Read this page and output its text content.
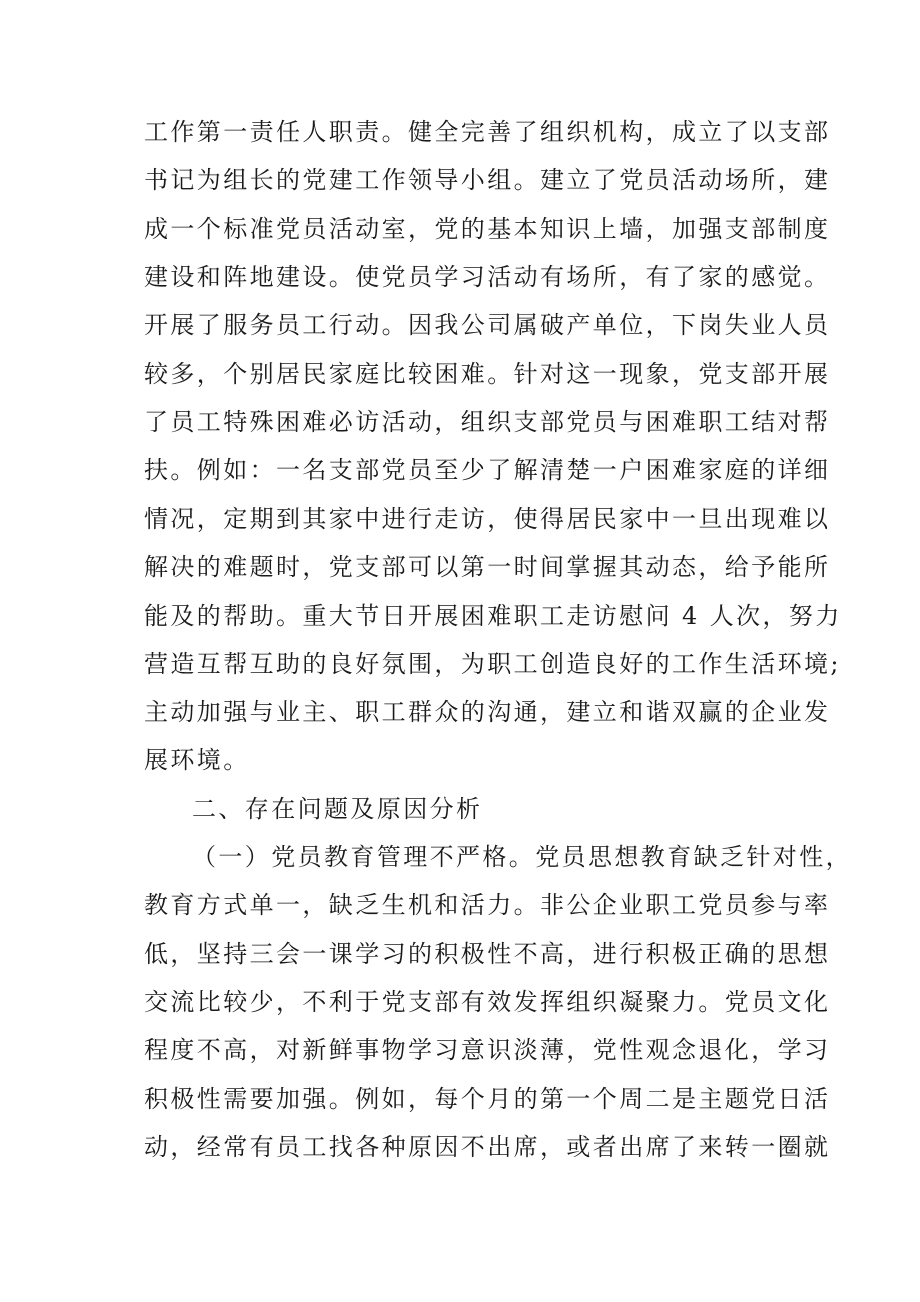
工作第一责任人职责。健全完善了组织机构，成立了以支部
书记为组长的党建工作领导小组。建立了党员活动场所，建
成一个标准党员活动室，党的基本知识上墙，加强支部制度
建设和阵地建设。使党员学习活动有场所，有了家的感觉。
开展了服务员工行动。因我公司属破产单位，下岗失业人员
较多，个别居民家庭比较困难。针对这一现象，党支部开展
了员工特殊困难必访活动，组织支部党员与困难职工结对帮
扶。例如：一名支部党员至少了解清楚一户困难家庭的详细
情况，定期到其家中进行走访，使得居民家中一旦出现难以
解决的难题时，党支部可以第一时间掌握其动态，给予能所
能及的帮助。重大节日开展困难职工走访慰问 4 人次，努力
营造互帮互助的良好氛围，为职工创造良好的工作生活环境;
主动加强与业主、职工群众的沟通，建立和谐双赢的企业发
展环境。
二、存在问题及原因分析
（一）党员教育管理不严格。党员思想教育缺乏针对性，
教育方式单一，缺乏生机和活力。非公企业职工党员参与率
低，坚持三会一课学习的积极性不高，进行积极正确的思想
交流比较少，不利于党支部有效发挥组织凝聚力。党员文化
程度不高，对新鲜事物学习意识淡薄，党性观念退化，学习
积极性需要加强。例如，每个月的第一个周二是主题党日活
动，经常有员工找各种原因不出席，或者出席了来转一圈就
